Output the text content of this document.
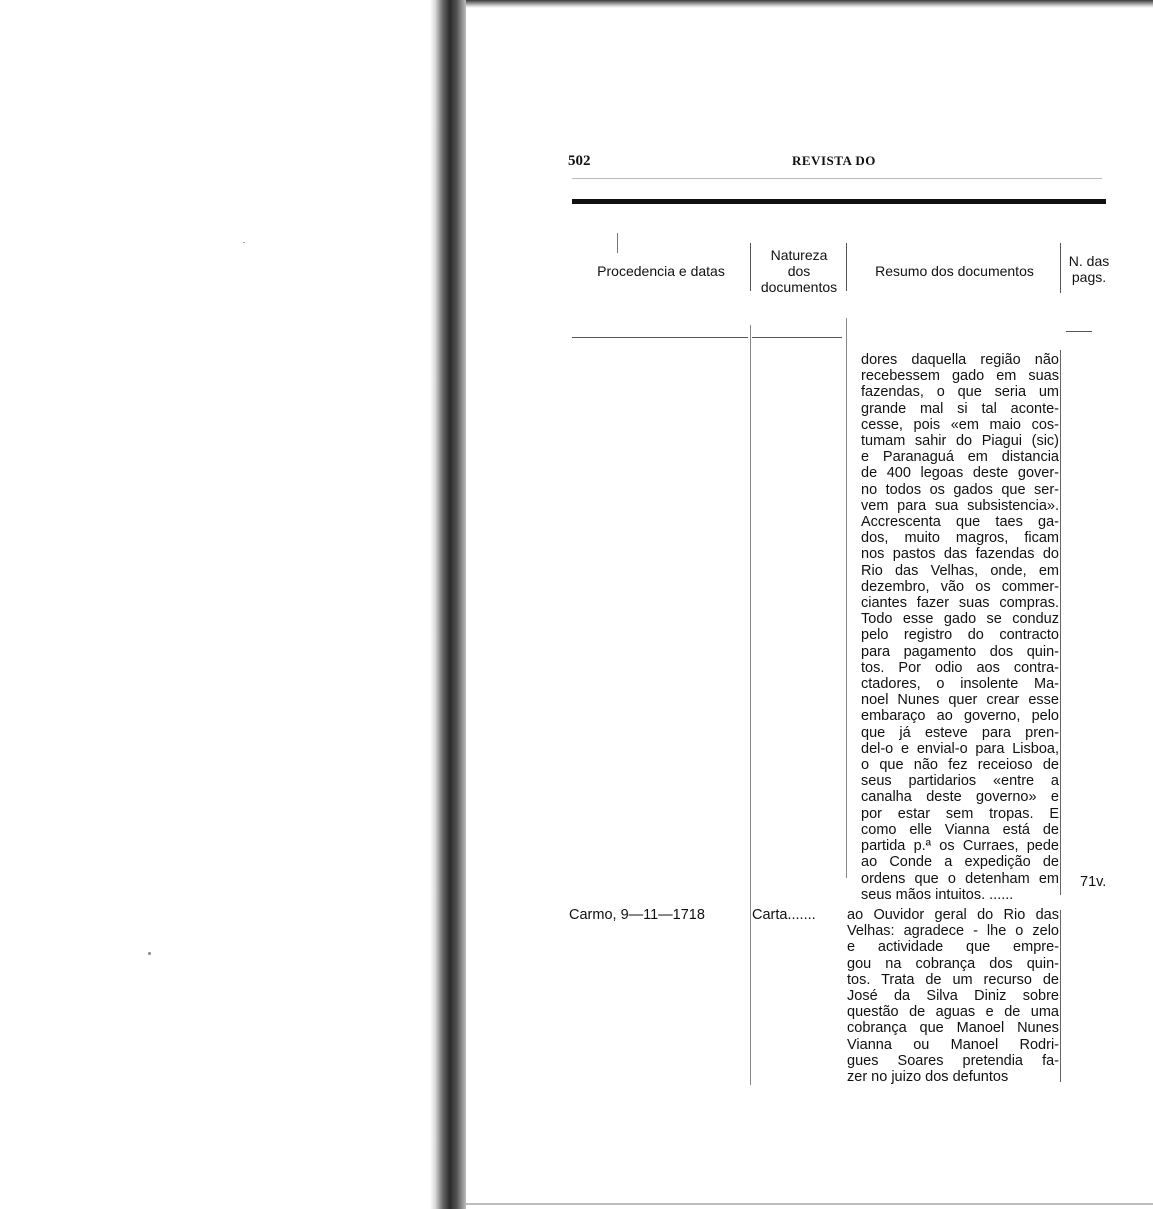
502	REVISTA DO
Procedencia e datas
Natureza
dos
documentos
Resumo dos documentos
N. das
pags.
dores daquella região não
recebessem gado em suas
fazendas, o que seria um
grande mal si tal aconte-
cesse, pois «em maio cos-
tumam sahir do Piagui (sic)
e Paranaguá em distancia
de 400 legoas deste gover-
no todos os gados que ser-
vem para sua subsistencia».
Accrescenta que taes ga-
dos, muito magros, ficam
nos pastos das fazendas do
Rio das Velhas, onde, em
dezembro, vão os commer-
ciantes fazer suas compras.
Todo esse gado se conduz
pelo registro do contracto
para pagamento dos quin-
tos. Por odio aos contra-
ctadores, o insolente Ma-
noel Nunes quer crear esse
embaraço ao governo, pelo
que já esteve para pren-
del-o e envial-o para Lisboa,
o que não fez receioso de
seus partidarios «entre a
canalha deste governo» e
por estar sem tropas. E
como elle Vianna está de
partida p.ª os Curraes, pede
ao Conde a expedição de
ordens que o detenham em
seus mãos intuitos. ......
71v.
Carmo, 9—11—1718	Carta....... ao Ouvidor geral do Rio das
Velhas: agradece - lhe o zelo
e actividade que empre-
gou na cobrança dos quin-
tos. Trata de um recurso de
José da Silva Diniz sobre
questão de aguas e de uma
cobrança que Manoel Nunes
Vianna ou Manoel Rodri-
gues Soares pretendia fa-
zer no juizo dos defuntos
